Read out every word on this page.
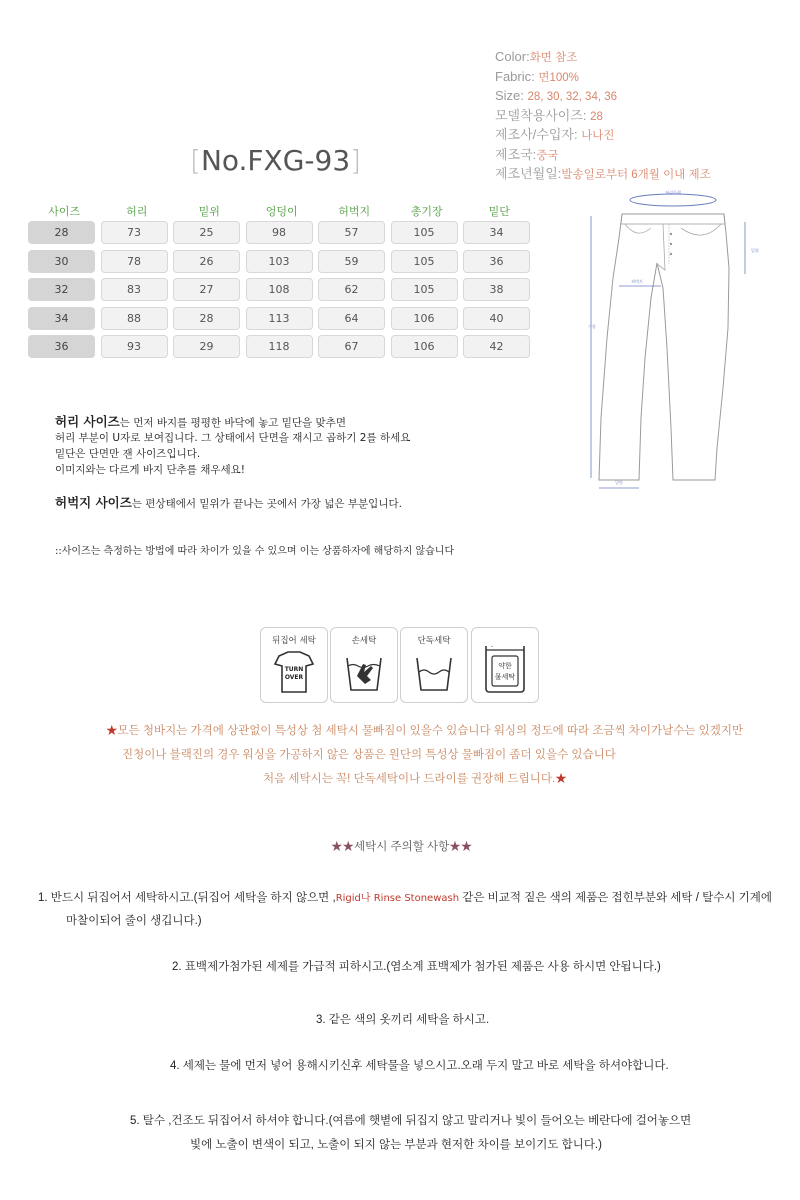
Color:화면 참조
Fabric: 면100%
Size: 28, 30, 32, 34, 36
모델착용사이즈: 28
제조사/수입자: 나나진
제조국:중국
제조년월일:발송일로부터 6개월 이내 제조
[No.FXG-93]
사이즈	허리	밑위	엉덩이	허벅지	총기장	밑단
28	73	25	98	57	105	34
30	78	26	103	59	105	36
32	83	27	108	62	105	38
34	88	28	113	64	106	40
36	93	29	118	67	106	42
허리둘레
밑위
허벅지
기장
밑단
허리 사이즈는 먼저 바지를 평평한 바닥에 놓고 밑단을 맞추면
허리 부분이 U자로 보여집니다. 그 상태에서 단면을 재시고 곱하기 2를 하세요
밑단은 단면만 잰 사이즈입니다.
이미지와는 다르게 바지 단추를 채우세요!
허벅지 사이즈는 편상태에서 밑위가 끝나는 곳에서 가장 넓은 부분입니다.
::사이즈는 측정하는 방법에 따라 차이가 있을 수 있으며 이는 상품하자에 해당하지 않습니다
뒤집어 세탁
TURN
OVER
손세탁	단독세탁
약한
물세탁
★모든 청바지는 가격에 상관없이 특성상 첨 세탁시 물빠짐이 있을수 있습니다 워싱의 정도에 따라 조금씩 차이가날수는 있겠지만
진청이나 블랙진의 경우 워싱을 가공하지 않은 상품은 원단의 특성상 물빠짐이 좀더 있을수 있습니다
처음 세탁시는 꼭! 단독세탁이나 드라이를 권장해 드립니다.★
★★세탁시 주의할 사항★★
1. 반드시 뒤집어서 세탁하시고.(뒤집어 세탁을 하지 않으면 ,Rigid나 Rinse Stonewash 같은 비교적 짙은 색의 제품은 접힌부분와 세탁 / 탈수시 기계에
마찰이되어 줄이 생깁니다.)
2. 표백제가첨가된 세제를 가급적 피하시고.(염소계 표백제가 첨가된 제품은 사용 하시면 안됩니다.)
3. 같은 색의 옷끼리 세탁을 하시고.
4. 세제는 물에 먼저 넣어 용해시키신후 세탁물을 넣으시고.오래 두지 말고 바로 세탁을 하셔야합니다.
5. 탈수 ,건조도 뒤집어서 하셔야 합니다.(여름에 햇볕에 뒤집지 않고 말리거나 빛이 들어오는 베란다에 걸어놓으면
빛에 노출이 변색이 되고, 노출이 되지 않는 부분과 현저한 차이를 보이기도 합니다.)
